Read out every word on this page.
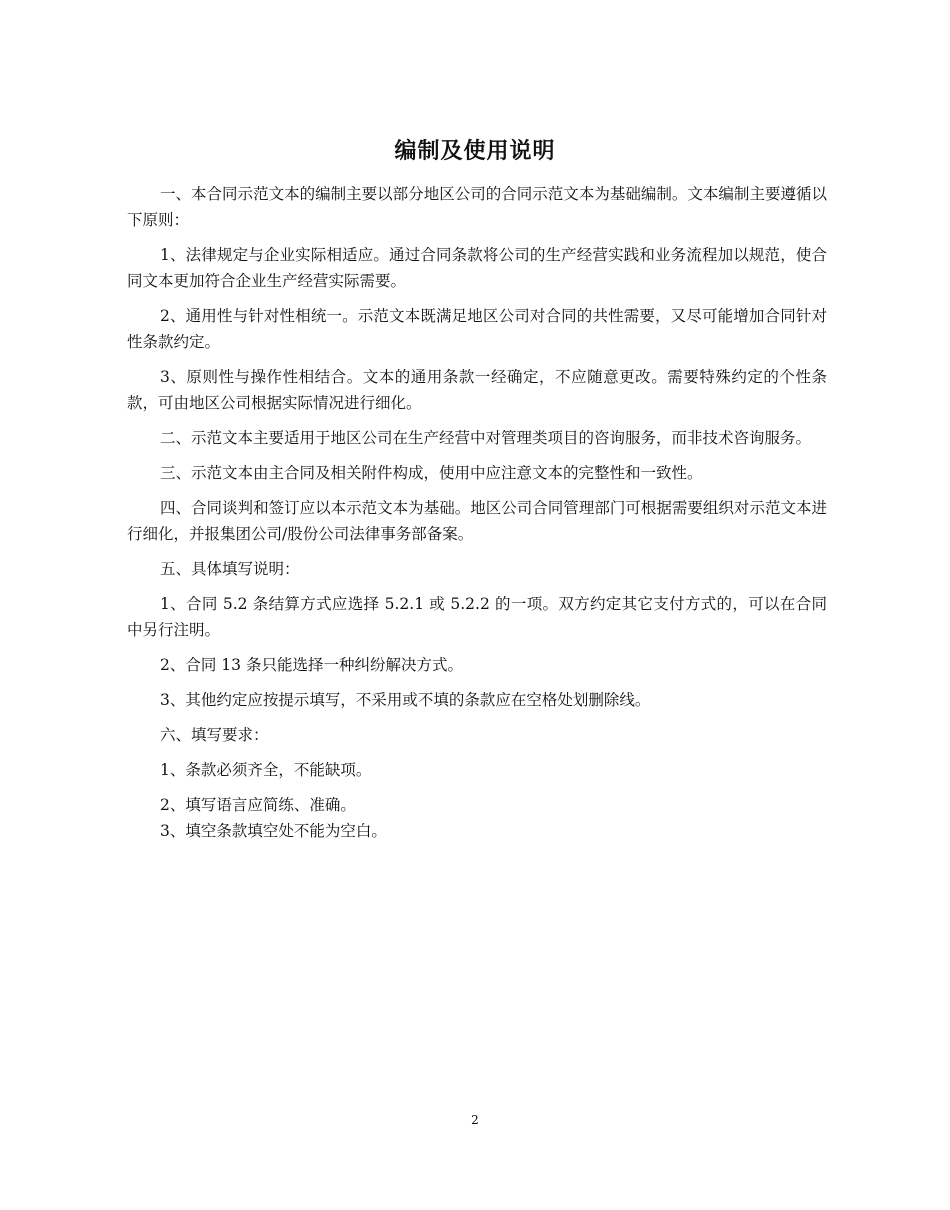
编制及使用说明

一、本合同示范文本的编制主要以部分地区公司的合同示范文本为基础编制。文本编制主要遵循以下原则：

1、法律规定与企业实际相适应。通过合同条款将公司的生产经营实践和业务流程加以规范，使合同文本更加符合企业生产经营实际需要。

2、通用性与针对性相统一。示范文本既满足地区公司对合同的共性需要，又尽可能增加合同针对性条款约定。

3、原则性与操作性相结合。文本的通用条款一经确定，不应随意更改。需要特殊约定的个性条款，可由地区公司根据实际情况进行细化。

二、示范文本主要适用于地区公司在生产经营中对管理类项目的咨询服务，而非技术咨询服务。

三、示范文本由主合同及相关附件构成，使用中应注意文本的完整性和一致性。

四、合同谈判和签订应以本示范文本为基础。地区公司合同管理部门可根据需要组织对示范文本进行细化，并报集团公司/股份公司法律事务部备案。

五、具体填写说明：

1、合同 5.2 条结算方式应选择 5.2.1 或 5.2.2 的一项。双方约定其它支付方式的，可以在合同中另行注明。

2、合同 13 条只能选择一种纠纷解决方式。

3、其他约定应按提示填写，不采用或不填的条款应在空格处划删除线。

六、填写要求：

1、条款必须齐全，不能缺项。

2、填写语言应简练、准确。

3、填空条款填空处不能为空白。

2
